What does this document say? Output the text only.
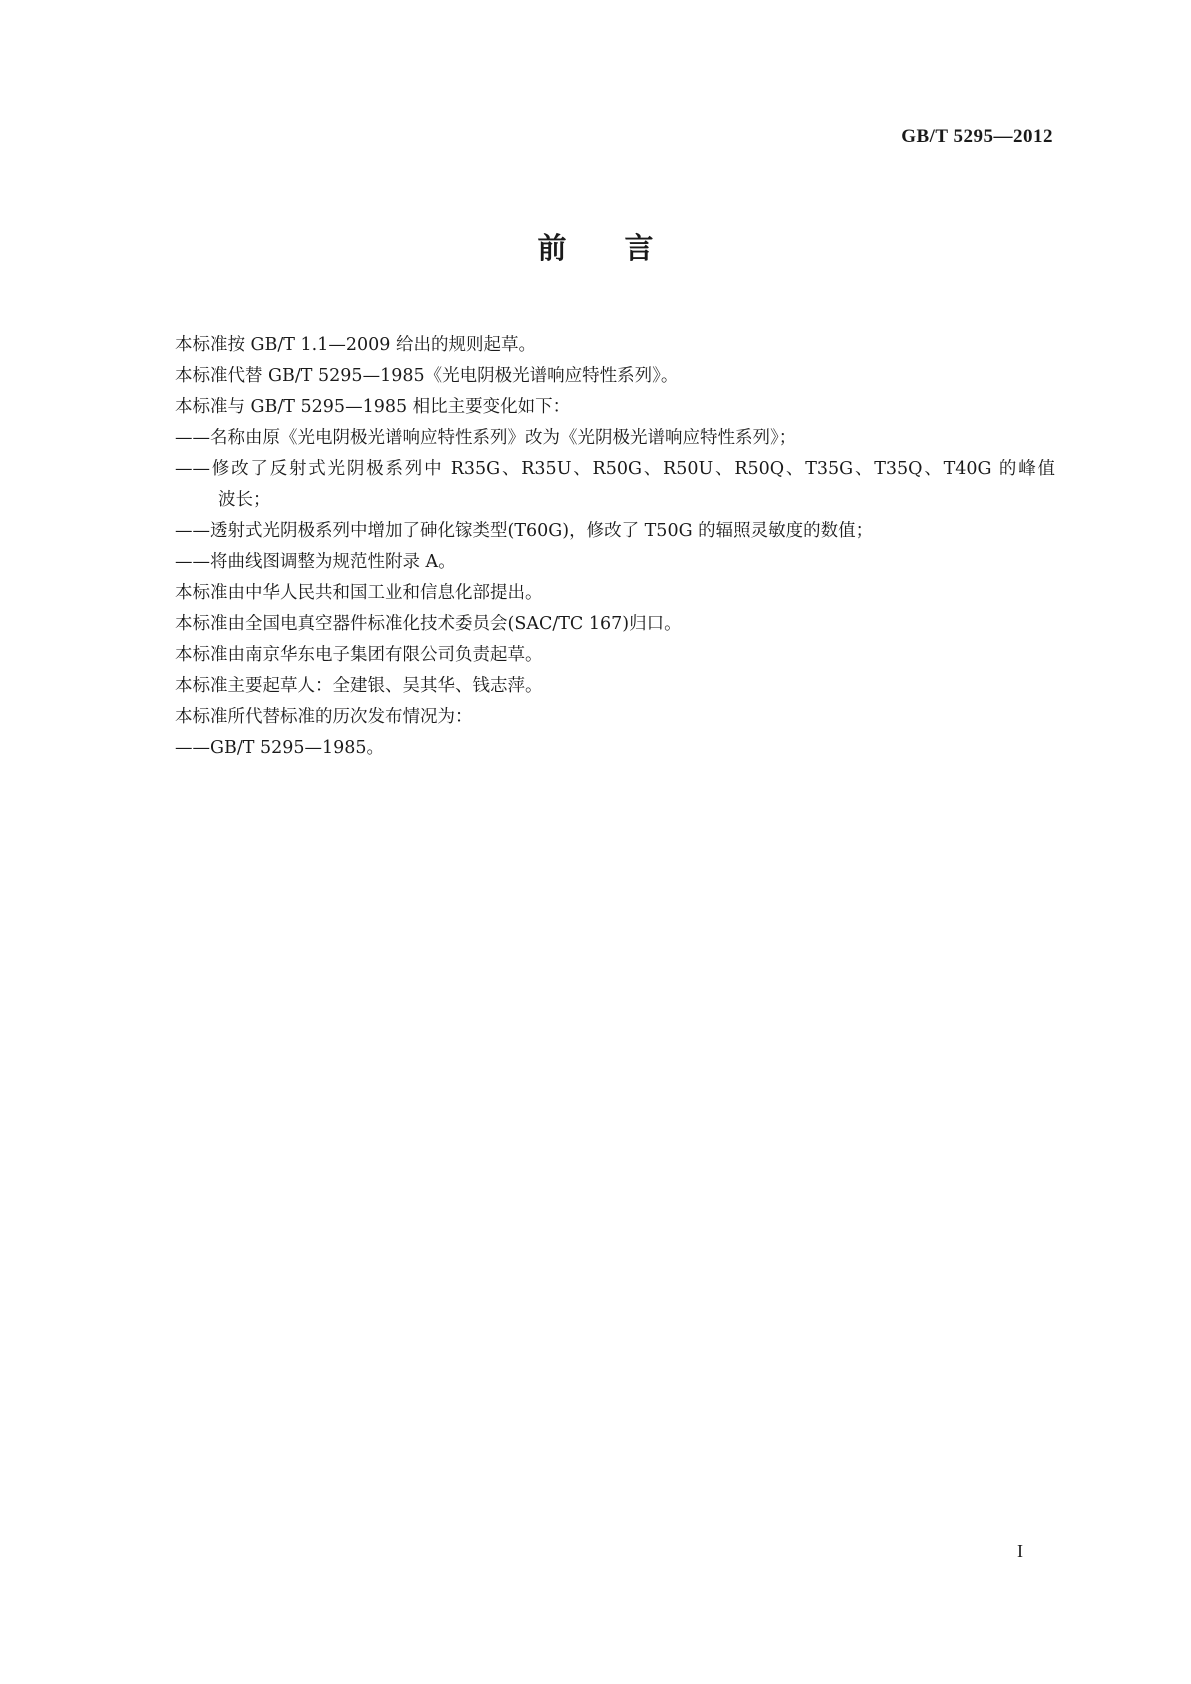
GB/T 5295—2012
前言
本标准按 GB/T 1.1—2009 给出的规则起草。
本标准代替 GB/T 5295—1985《光电阴极光谱响应特性系列》。
本标准与 GB/T 5295—1985 相比主要变化如下：
——名称由原《光电阴极光谱响应特性系列》改为《光阴极光谱响应特性系列》；
——修改了反射式光阴极系列中 R35G、R35U、R50G、R50U、R50Q、T35G、T35Q、T40G 的峰值
波长；
——透射式光阴极系列中增加了砷化镓类型(T60G)，修改了 T50G 的辐照灵敏度的数值；
——将曲线图调整为规范性附录 A。
本标准由中华人民共和国工业和信息化部提出。
本标准由全国电真空器件标准化技术委员会(SAC/TC 167)归口。
本标准由南京华东电子集团有限公司负责起草。
本标准主要起草人：全建银、吴其华、钱志萍。
本标准所代替标准的历次发布情况为：
——GB/T 5295—1985。
I
